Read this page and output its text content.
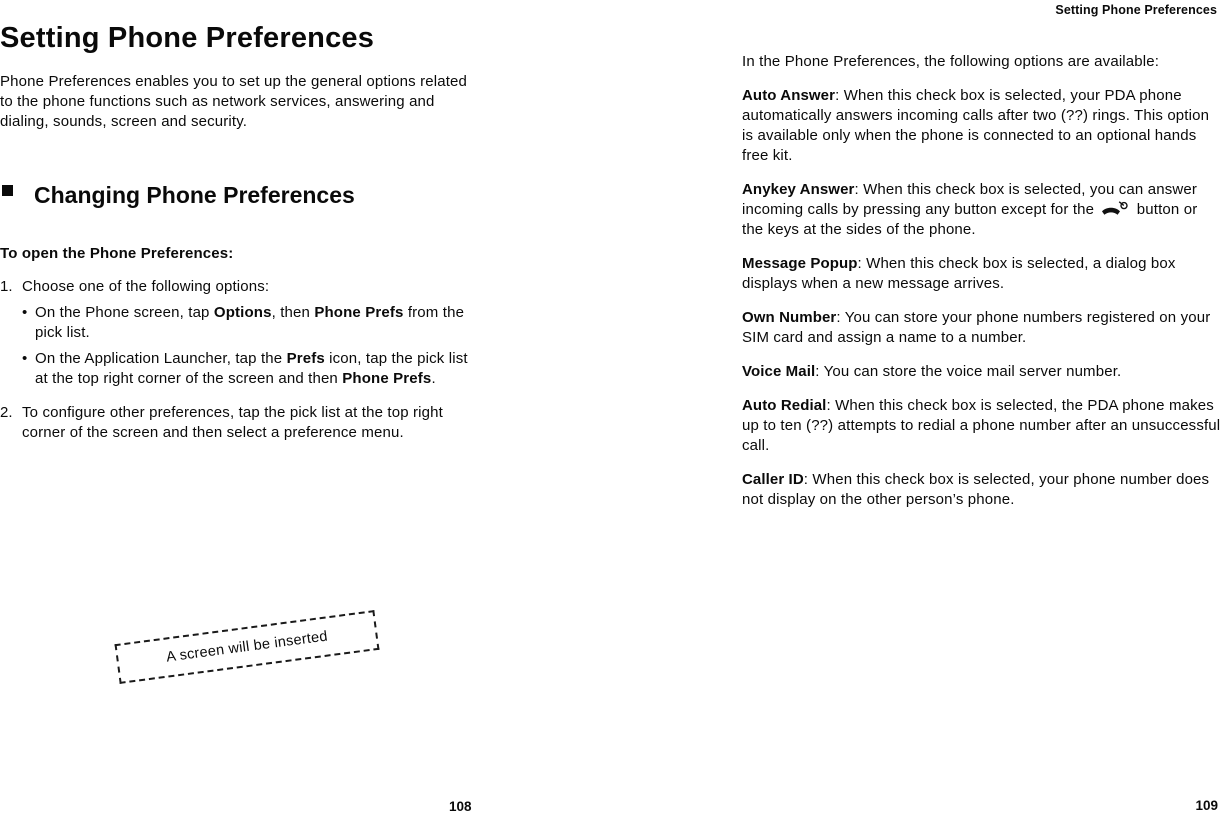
Setting Phone Preferences
Setting Phone Preferences

Phone Preferences enables you to set up the general options related to the phone functions such as network services, answering and dialing, sounds, screen and security.

Changing Phone Preferences

To open the Phone Preferences:

1. Choose one of the following options:

• On the Phone screen, tap Options, then Phone Prefs from the pick list.

• On the Application Launcher, tap the Prefs icon, tap the pick list at the top right corner of the screen and then Phone Prefs.

2. To configure other preferences, tap the pick list at the top right corner of the screen and then select a preference menu.

A screen will be inserted
108

In the Phone Preferences, the following options are available:

Auto Answer: When this check box is selected, your PDA phone automatically answers incoming calls after two (??) rings. This option is available only when the phone is connected to an optional hands free kit.

Anykey Answer: When this check box is selected, you can answer incoming calls by pressing any button except for the  button or the keys at the sides of the phone.

Message Popup: When this check box is selected, a dialog box displays when a new message arrives.

Own Number: You can store your phone numbers registered on your SIM card and assign a name to a number.

Voice Mail: You can store the voice mail server number.

Auto Redial: When this check box is selected, the PDA phone makes up to ten (??) attempts to redial a phone number after an unsuccessful call.

Caller ID: When this check box is selected, your phone number does not display on the other person’s phone.

109
